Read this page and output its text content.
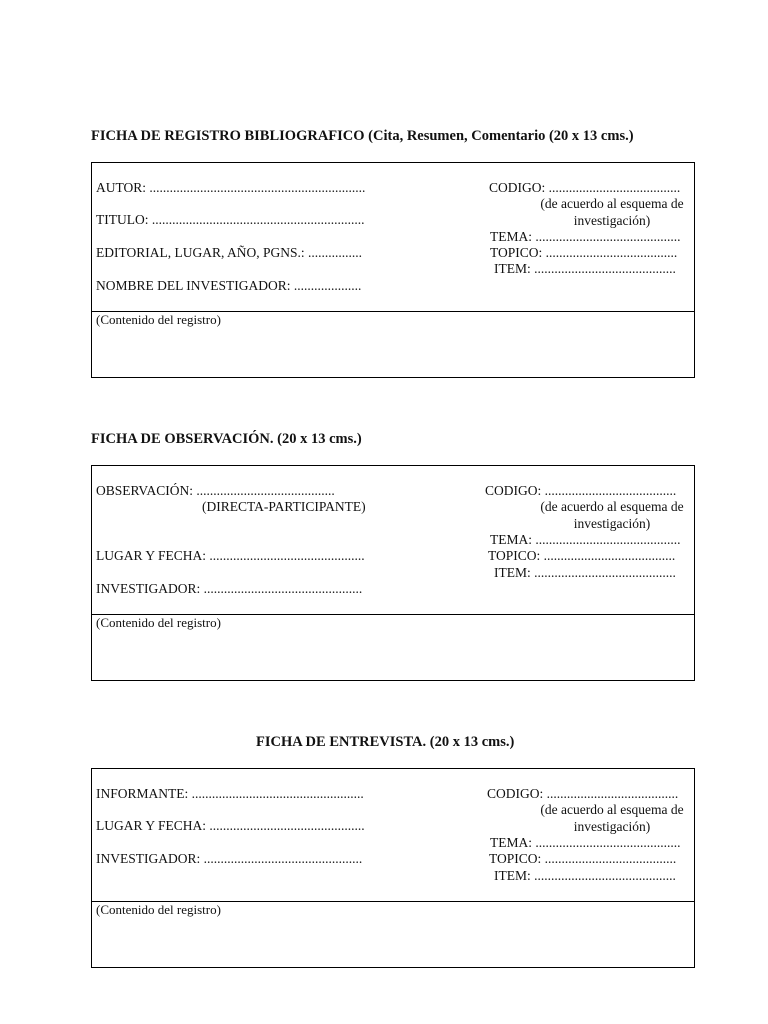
FICHA DE REGISTRO BIBLIOGRAFICO (Cita, Resumen, Comentario (20 x 13 cms.)
AUTOR: ................................................................
TITULO: ...............................................................
EDITORIAL, LUGAR, AÑO, PGNS.: ................
NOMBRE DEL INVESTIGADOR: ....................
CODIGO: .......................................
(de acuerdo al esquema de
investigación)
TEMA: ...........................................
TOPICO: .......................................
ITEM: ..........................................
(Contenido del registro)
FICHA DE OBSERVACIÓN. (20 x 13 cms.)
OBSERVACIÓN: .........................................
(DIRECTA-PARTICIPANTE)
LUGAR Y FECHA: ..............................................
INVESTIGADOR: ...............................................
CODIGO: .......................................
(de acuerdo al esquema de
investigación)
TEMA: ...........................................
TOPICO: .......................................
ITEM: ..........................................
(Contenido del registro)
FICHA DE ENTREVISTA. (20 x 13 cms.)
INFORMANTE: ...................................................
LUGAR Y FECHA: ..............................................
INVESTIGADOR: ...............................................
CODIGO: .......................................
(de acuerdo al esquema de
investigación)
TEMA: ...........................................
TOPICO: .......................................
ITEM: ..........................................
(Contenido del registro)
